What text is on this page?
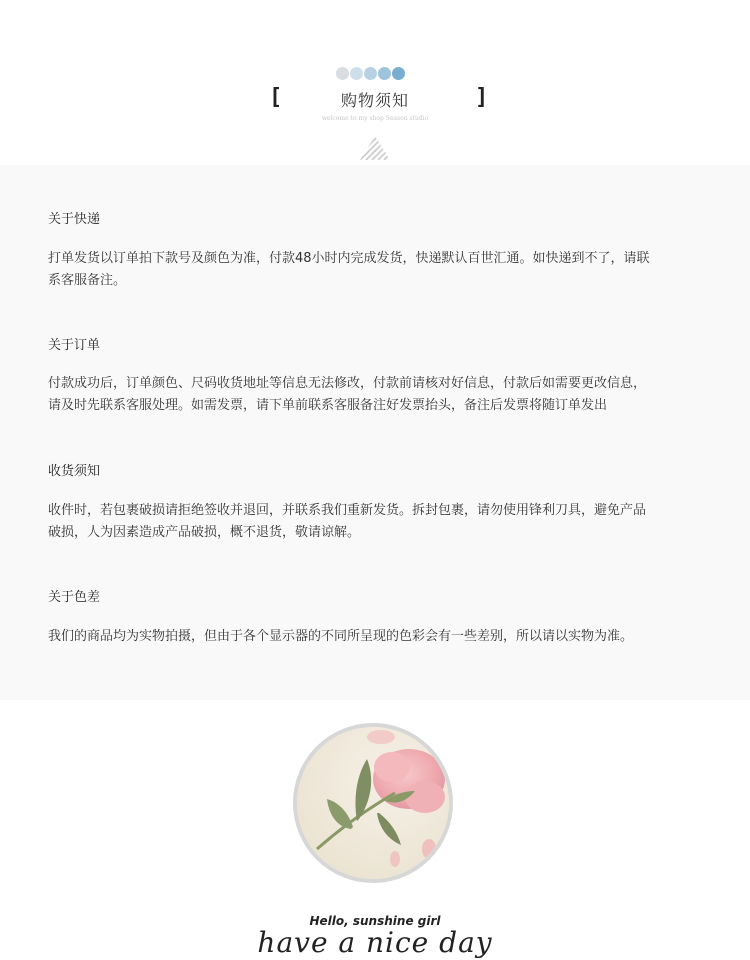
[	购物须知	]
welcome to my shop Season studio
关于快递
打单发货以订单拍下款号及颜色为准，付款48小时内完成发货，快递默认百世汇通。如快递到不了，请联
系客服备注。
关于订单
付款成功后，订单颜色、尺码收货地址等信息无法修改，付款前请核对好信息，付款后如需要更改信息，
请及时先联系客服处理。如需发票，请下单前联系客服备注好发票抬头，备注后发票将随订单发出
收货须知
收件时，若包裹破损请拒绝签收并退回，并联系我们重新发货。拆封包裹，请勿使用锋利刀具，避免产品
破损，人为因素造成产品破损，概不退货，敬请谅解。
关于色差
我们的商品均为实物拍摄，但由于各个显示器的不同所呈现的色彩会有一些差别，所以请以实物为准。
Hello, sunshine girl
have a nice day
